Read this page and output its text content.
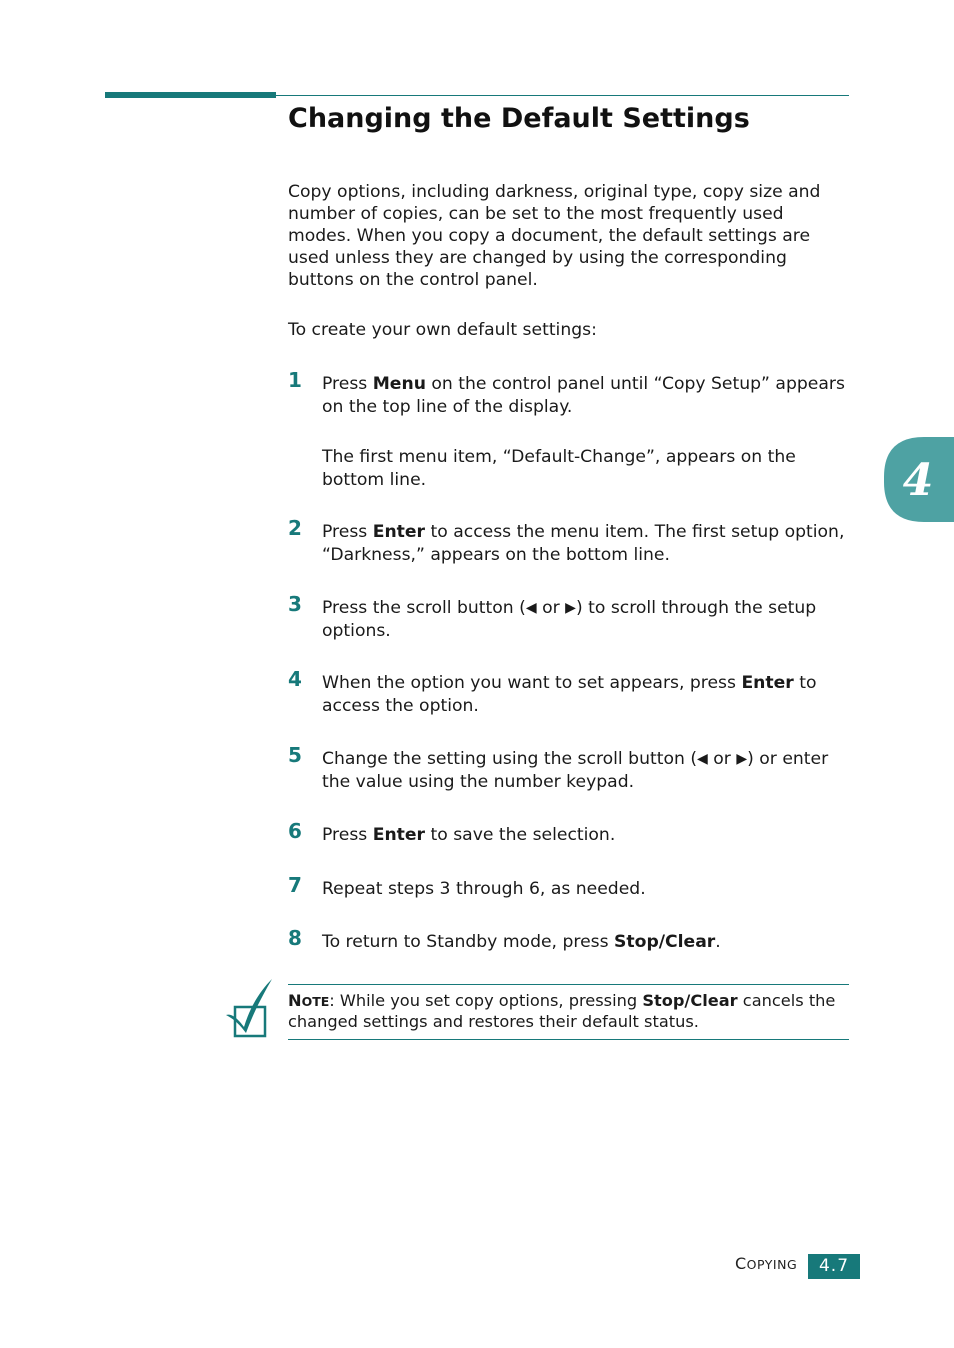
Changing the Default Settings

Copy options, including darkness, original type, copy size and number of copies, can be set to the most frequently used modes. When you copy a document, the default settings are used unless they are changed by using the corresponding buttons on the control panel.

To create your own default settings:

1 Press Menu on the control panel until “Copy Setup” appears on the top line of the display.

The first menu item, “Default-Change”, appears on the bottom line.

2 Press Enter to access the menu item. The first setup option, “Darkness,” appears on the bottom line.

3 Press the scroll button (◀ or ▶) to scroll through the setup options.

4 When the option you want to set appears, press Enter to access the option.

5 Change the setting using the scroll button (◀ or ▶) or enter the value using the number keypad.

6 Press Enter to save the selection.

7 Repeat steps 3 through 6, as needed.

8 To return to Standby mode, press Stop/Clear.

NOTE: While you set copy options, pressing Stop/Clear cancels the changed settings and restores their default status.

4
COPYING	4.7
